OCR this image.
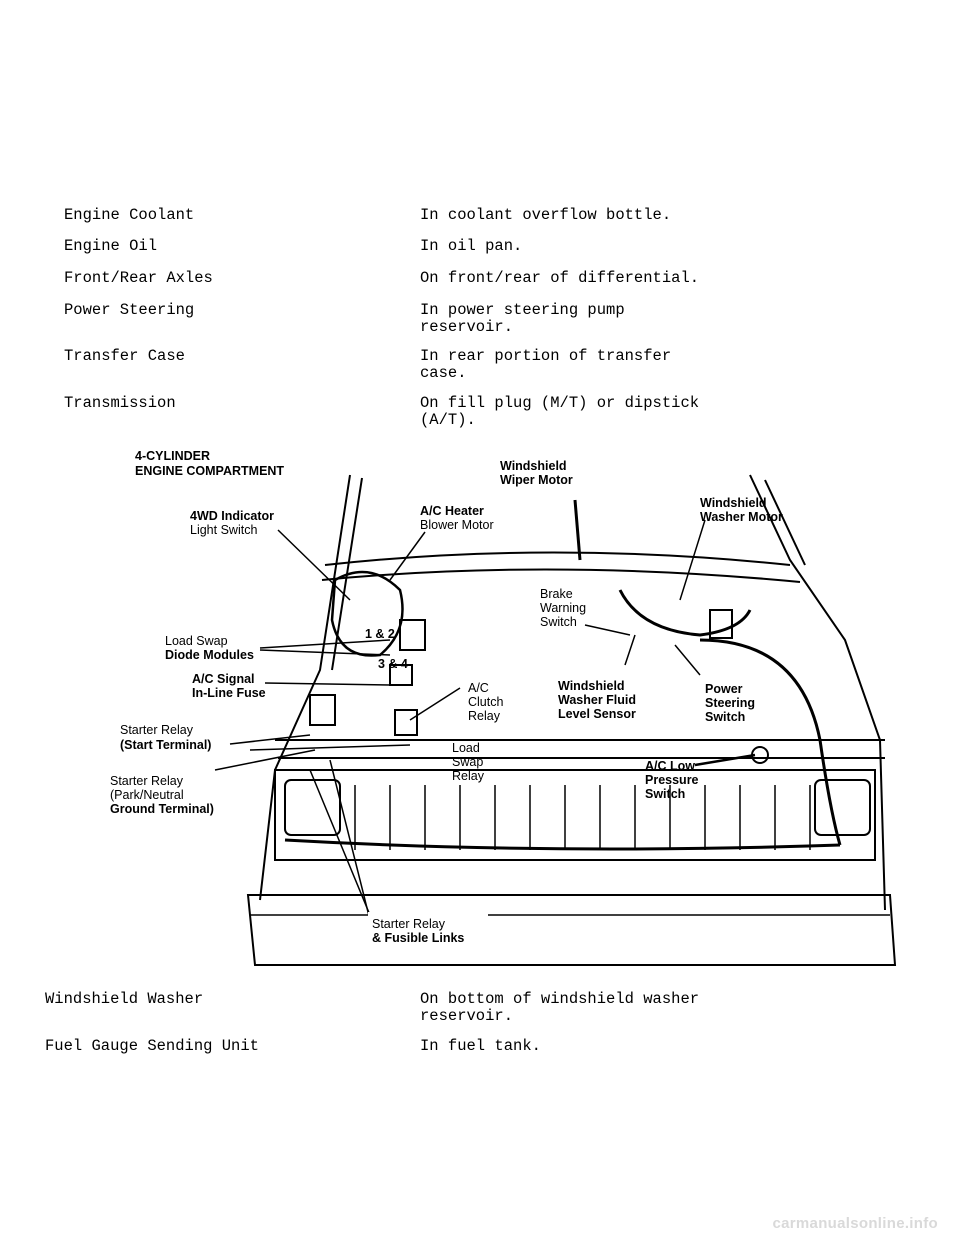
Engine Coolant	In coolant overflow bottle.
Engine Oil	In oil pan.
Front/Rear Axles	On front/rear of differential.
Power Steering	In power steering pump
reservoir.
Transfer Case	In rear portion of transfer
case.
Transmission	On fill plug (M/T) or dipstick
(A/T).
4-CYLINDER
ENGINE COMPARTMENT	Windshield
Wiper Motor
Windshield
Washer Motor
4WD Indicator
Light Switch
A/C Heater
Blower Motor
Brake
Warning
Switch
Load Swap
Diode Modules
1 & 2
3 & 4
A/C Signal
In-Line Fuse	A/C
Clutch
Relay
Windshield
Washer Fluid
Level Sensor
Power
Steering
Switch
Starter Relay
(Start Terminal)	Load
Swap
Relay
A/C Low
Pressure
Switch
Starter Relay
(Park/Neutral
Ground Terminal)
Starter Relay
& Fusible Links
Windshield Washer	On bottom of windshield washer
reservoir.
Fuel Gauge Sending Unit	In fuel tank.
carmanualsonline.info
